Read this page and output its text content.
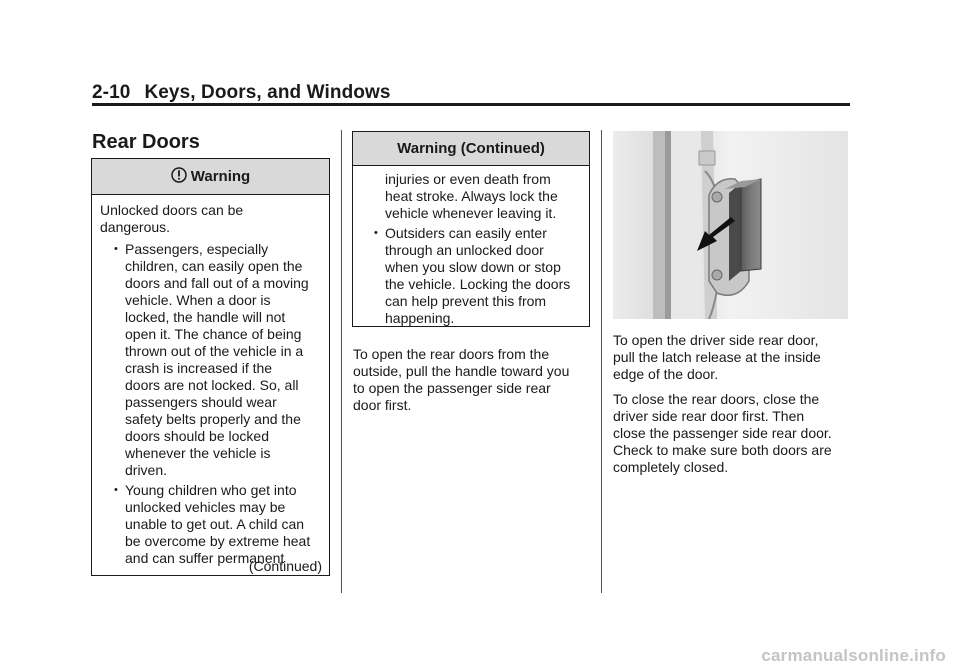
2-10 Keys, Doors, and Windows
Rear Doors
Warning

Unlocked doors can be
dangerous.

• Passengers, especially
children, can easily open the
doors and fall out of a moving
vehicle. When a door is
locked, the handle will not
open it. The chance of being
thrown out of the vehicle in a
crash is increased if the
doors are not locked. So, all
passengers should wear
safety belts properly and the
doors should be locked
whenever the vehicle is
driven.

• Young children who get into
unlocked vehicles may be
unable to get out. A child can
be overcome by extreme heat
and can suffer permanent

(Continued)

Warning (Continued)

injuries or even death from
heat stroke. Always lock the
vehicle whenever leaving it.

• Outsiders can easily enter
through an unlocked door
when you slow down or stop
the vehicle. Locking the doors
can help prevent this from
happening.

To open the rear doors from the
outside, pull the handle toward you
to open the passenger side rear
door first.

To open the driver side rear door,
pull the latch release at the inside
edge of the door.

To close the rear doors, close the
driver side rear door first. Then
close the passenger side rear door.
Check to make sure both doors are
completely closed.

carmanualsonline.info
